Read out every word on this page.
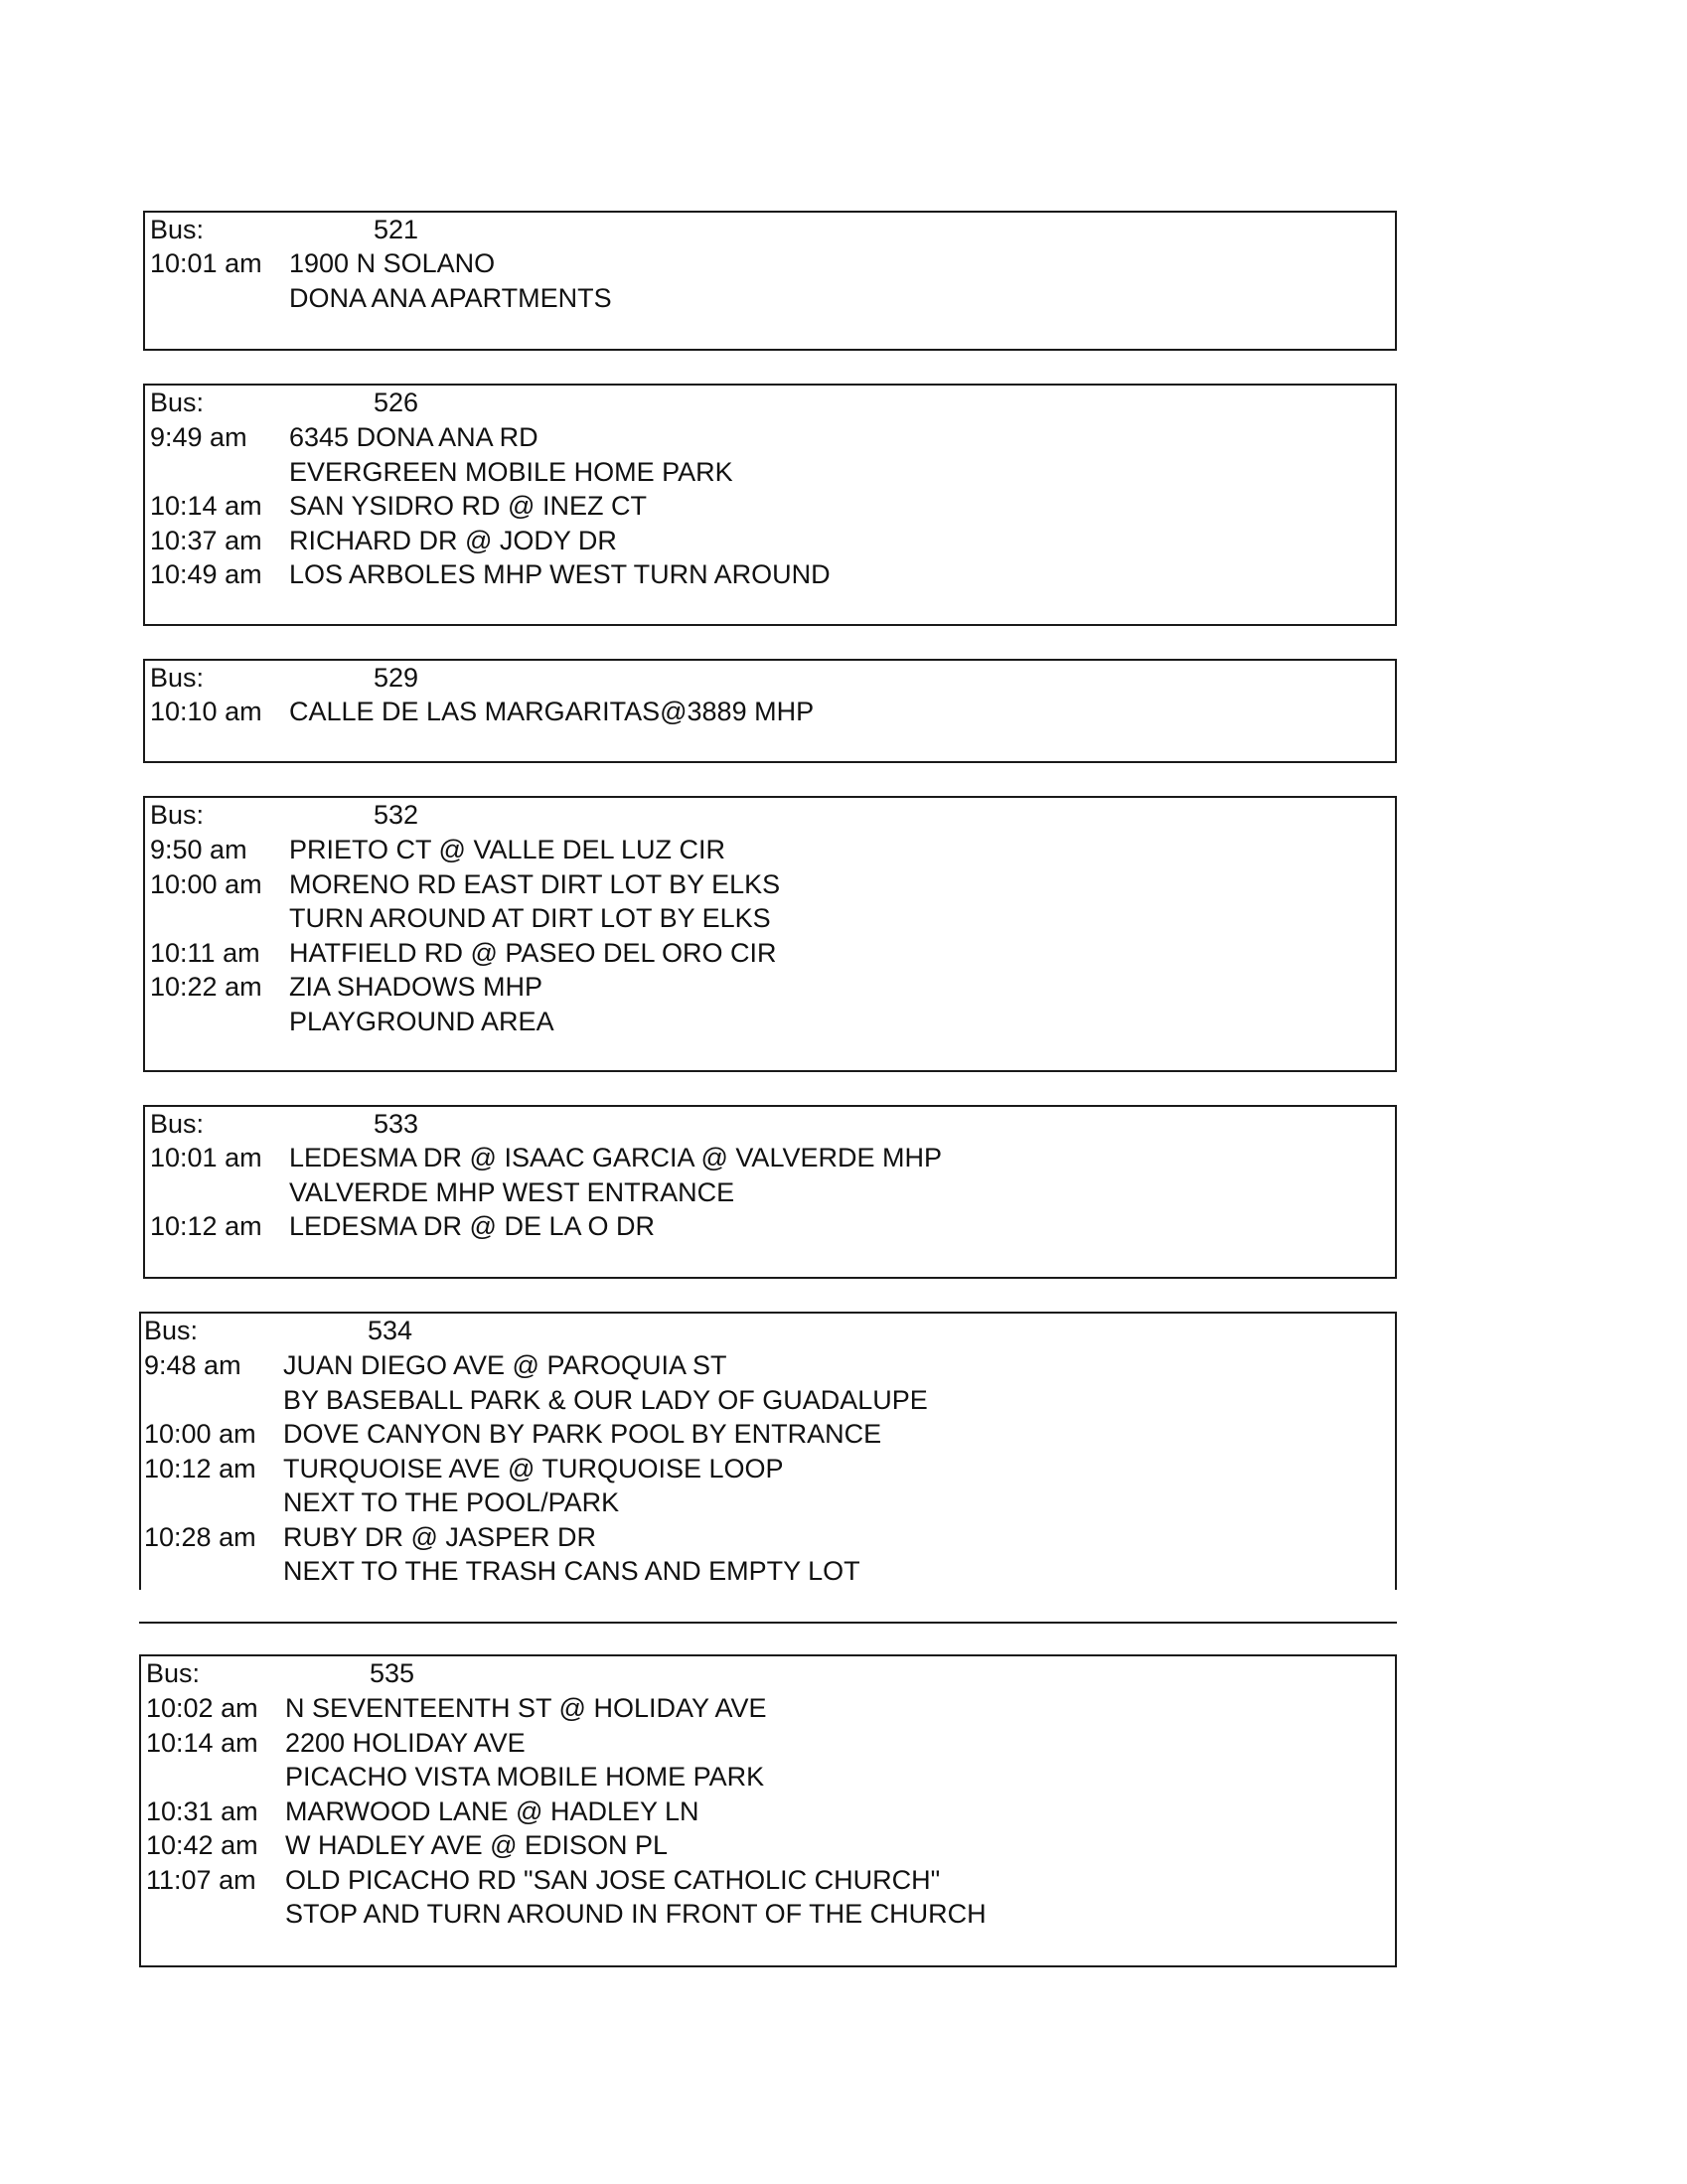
Bus:	521
10:01 am 1900 N SOLANO
DONA ANA APARTMENTS
Bus:	526
9:49 am 6345 DONA ANA RD
EVERGREEN MOBILE HOME PARK
10:14 am SAN YSIDRO RD @ INEZ CT
10:37 am RICHARD DR @ JODY DR
10:49 am LOS ARBOLES MHP WEST TURN AROUND
Bus:	529
10:10 am CALLE DE LAS MARGARITAS@3889 MHP
Bus:	532
9:50 am PRIETO CT @ VALLE DEL LUZ CIR
10:00 am MORENO RD EAST DIRT LOT BY ELKS
TURN AROUND AT DIRT LOT BY ELKS
10:11 am HATFIELD RD @ PASEO DEL ORO CIR
10:22 am ZIA SHADOWS MHP
PLAYGROUND AREA
Bus:	533
10:01 am LEDESMA DR @ ISAAC GARCIA @ VALVERDE MHP
VALVERDE MHP WEST ENTRANCE
10:12 am LEDESMA DR @ DE LA O DR
Bus:	534
9:48 am JUAN DIEGO AVE @ PAROQUIA ST
BY BASEBALL PARK & OUR LADY OF GUADALUPE
10:00 am DOVE CANYON BY PARK POOL BY ENTRANCE
10:12 am TURQUOISE AVE @ TURQUOISE LOOP
NEXT TO THE POOL/PARK
10:28 am RUBY DR @ JASPER DR
NEXT TO THE TRASH CANS AND EMPTY LOT
Bus:	535
10:02 am N SEVENTEENTH ST @ HOLIDAY AVE
10:14 am 2200 HOLIDAY AVE
PICACHO VISTA MOBILE HOME PARK
10:31 am MARWOOD LANE @ HADLEY LN
10:42 am W HADLEY AVE @ EDISON PL
11:07 am OLD PICACHO RD "SAN JOSE CATHOLIC CHURCH"
STOP AND TURN AROUND IN FRONT OF THE CHURCH
